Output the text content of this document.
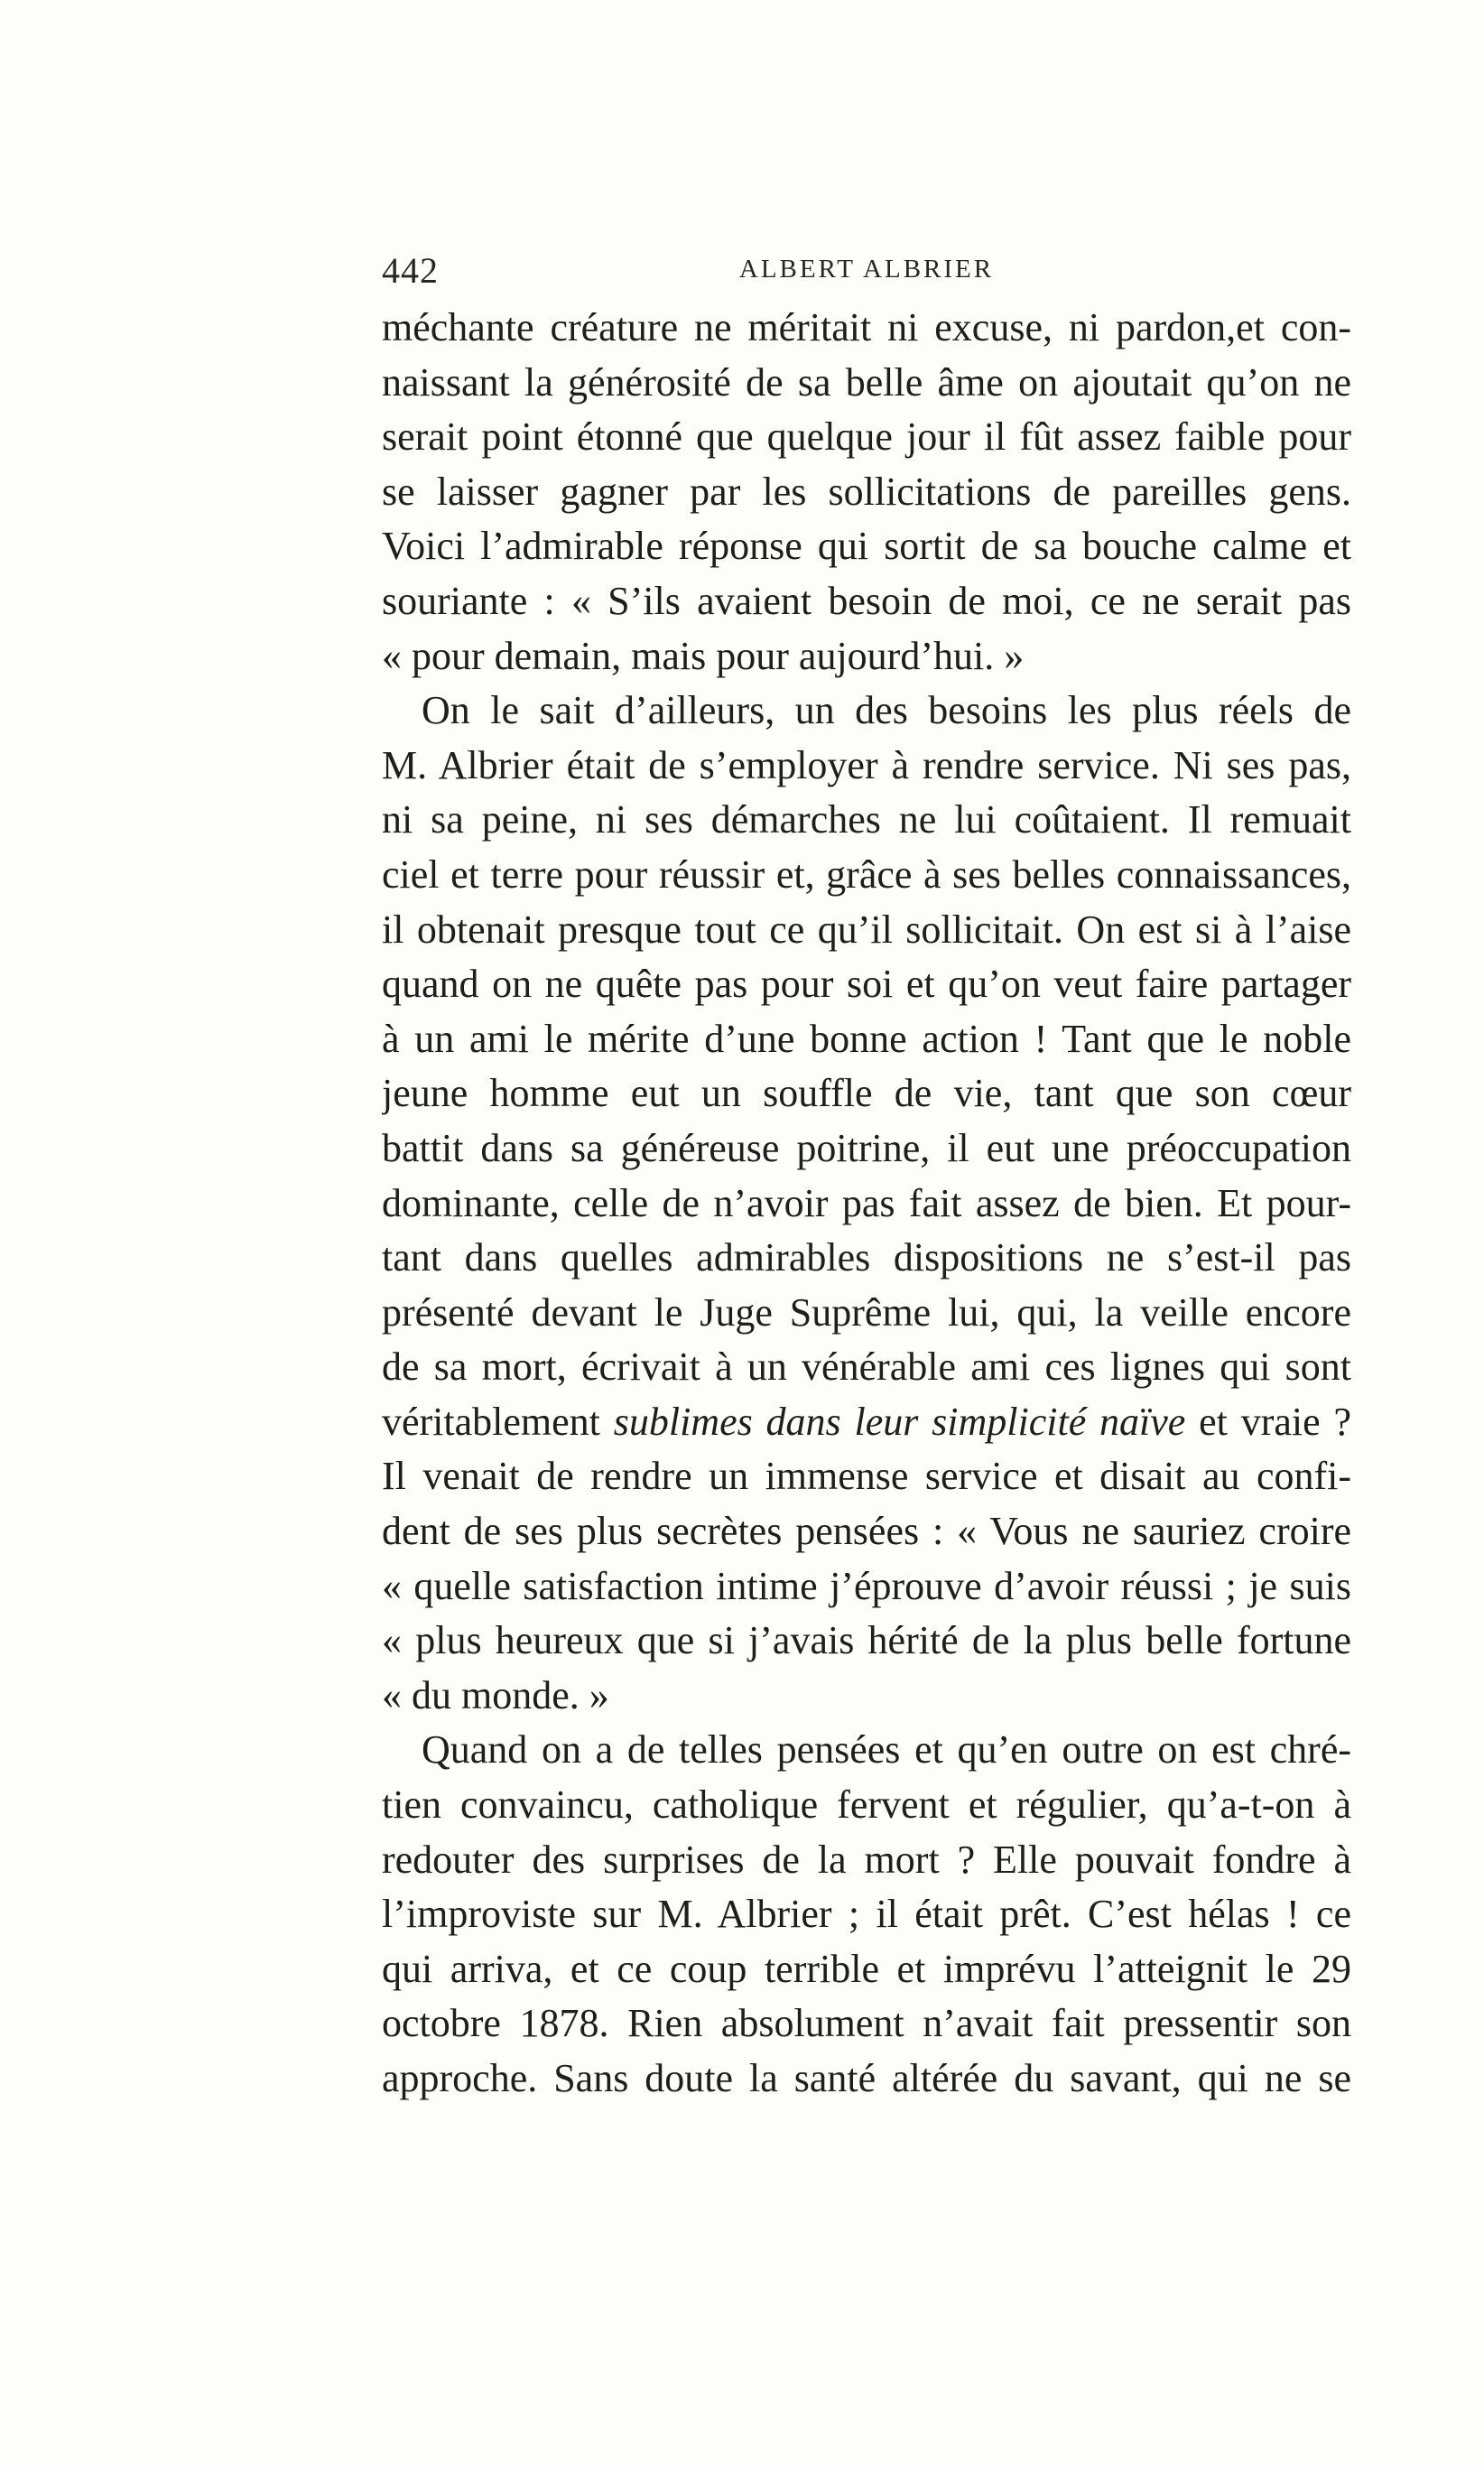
442	ALBERT ALBRIER
méchante créature ne méritait ni excuse, ni pardon,et con-
naissant la générosité de sa belle âme on ajoutait qu’on ne
serait point étonné que quelque jour il fût assez faible pour
se laisser gagner par les sollicitations de pareilles gens.
Voici l’admirable réponse qui sortit de sa bouche calme et
souriante : « S’ils avaient besoin de moi, ce ne serait pas
« pour demain, mais pour aujourd’hui. »
On le sait d’ailleurs, un des besoins les plus réels de
M. Albrier était de s’employer à rendre service. Ni ses pas,
ni sa peine, ni ses démarches ne lui coûtaient. Il remuait
ciel et terre pour réussir et, grâce à ses belles connaissances,
il obtenait presque tout ce qu’il sollicitait. On est si à l’aise
quand on ne quête pas pour soi et qu’on veut faire partager
à un ami le mérite d’une bonne action ! Tant que le noble
jeune homme eut un souffle de vie, tant que son cœur
battit dans sa généreuse poitrine, il eut une préoccupation
dominante, celle de n’avoir pas fait assez de bien. Et pour-
tant dans quelles admirables dispositions ne s’est-il pas
présenté devant le Juge Suprême lui, qui, la veille encore
de sa mort, écrivait à un vénérable ami ces lignes qui sont
véritablement sublimes dans leur simplicité naïve et vraie ?
Il venait de rendre un immense service et disait au confi-
dent de ses plus secrètes pensées : « Vous ne sauriez croire
« quelle satisfaction intime j’éprouve d’avoir réussi ; je suis
« plus heureux que si j’avais hérité de la plus belle fortune
« du monde. »
Quand on a de telles pensées et qu’en outre on est chré-
tien convaincu, catholique fervent et régulier, qu’a-t-on à
redouter des surprises de la mort ? Elle pouvait fondre à
l’improviste sur M. Albrier ; il était prêt. C’est hélas ! ce
qui arriva, et ce coup terrible et imprévu l’atteignit le 29
octobre 1878. Rien absolument n’avait fait pressentir son
approche. Sans doute la santé altérée du savant, qui ne se
